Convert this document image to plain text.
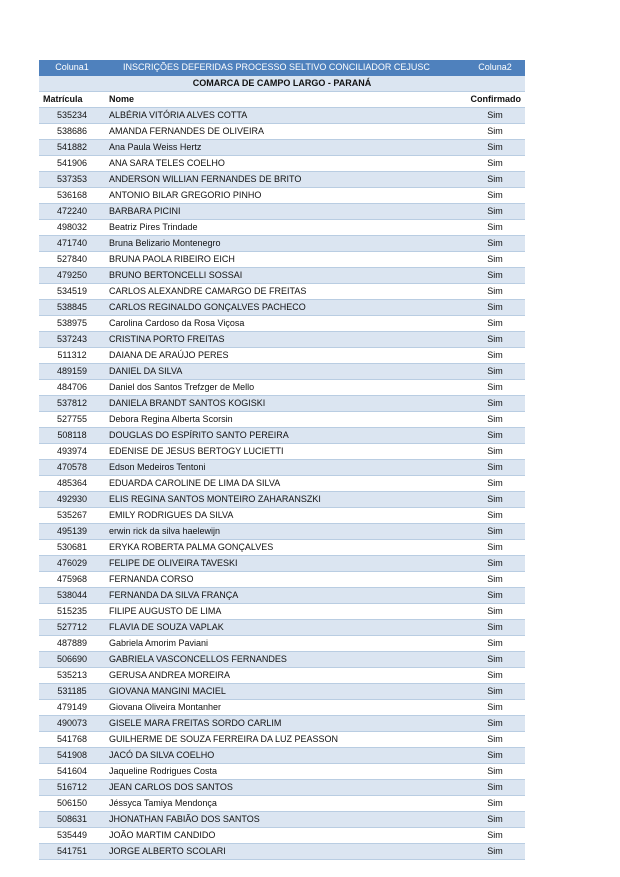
Coluna1	INSCRIÇÕES DEFERIDAS PROCESSO SELTIVO CONCILIADOR CEJUSC	Coluna2
COMARCA DE CAMPO LARGO - PARANÁ		
Matrícula	Nome	Confirmado
535234	ALBÉRIA VITÓRIA ALVES COTTA	Sim
538686	AMANDA FERNANDES DE OLIVEIRA	Sim
541882	Ana Paula Weiss Hertz	Sim
541906	ANA SARA TELES COELHO	Sim
537353	ANDERSON WILLIAN FERNANDES DE BRITO	Sim
536168	ANTONIO BILAR GREGORIO PINHO	Sim
472240	BARBARA PICINI	Sim
498032	Beatriz Pires Trindade	Sim
471740	Bruna Belizario Montenegro	Sim
527840	BRUNA PAOLA RIBEIRO EICH	Sim
479250	BRUNO BERTONCELLI SOSSAI	Sim
534519	CARLOS ALEXANDRE CAMARGO DE FREITAS	Sim
538845	CARLOS REGINALDO GONÇALVES PACHECO	Sim
538975	Carolina Cardoso da Rosa Viçosa	Sim
537243	CRISTINA PORTO FREITAS	Sim
511312	DAIANA DE ARAÚJO PERES	Sim
489159	DANIEL DA SILVA	Sim
484706	Daniel dos Santos Trefzger de Mello	Sim
537812	DANIELA BRANDT SANTOS KOGISKI	Sim
527755	Debora Regina Alberta Scorsin	Sim
508118	DOUGLAS DO ESPÍRITO SANTO PEREIRA	Sim
493974	EDENISE DE JESUS BERTOGY LUCIETTI	Sim
470578	Edson Medeiros Tentoni	Sim
485364	EDUARDA CAROLINE DE LIMA DA SILVA	Sim
492930	ELIS REGINA SANTOS MONTEIRO ZAHARANSZKI	Sim
535267	EMILY RODRIGUES DA SILVA	Sim
495139	erwin rick da silva haelewijn	Sim
530681	ERYKA ROBERTA PALMA GONÇALVES	Sim
476029	FELIPE DE OLIVEIRA TAVESKI	Sim
475968	FERNANDA CORSO	Sim
538044	FERNANDA DA SILVA FRANÇA	Sim
515235	FILIPE AUGUSTO DE LIMA	Sim
527712	FLAVIA DE SOUZA VAPLAK	Sim
487889	Gabriela Amorim Paviani	Sim
506690	GABRIELA VASCONCELLOS FERNANDES	Sim
535213	GERUSA ANDREA MOREIRA	Sim
531185	GIOVANA MANGINI MACIEL	Sim
479149	Giovana Oliveira Montanher	Sim
490073	GISELE MARA FREITAS SORDO CARLIM	Sim
541768	GUILHERME DE SOUZA FERREIRA DA LUZ PEASSON	Sim
541908	JACÓ DA SILVA COELHO	Sim
541604	Jaqueline Rodrigues Costa	Sim
516712	JEAN CARLOS DOS SANTOS	Sim
506150	Jéssyca Tamiya Mendonça	Sim
508631	JHONATHAN FABIÃO DOS SANTOS	Sim
535449	JOÃO MARTIM CANDIDO	Sim
541751	JORGE ALBERTO SCOLARI	Sim
